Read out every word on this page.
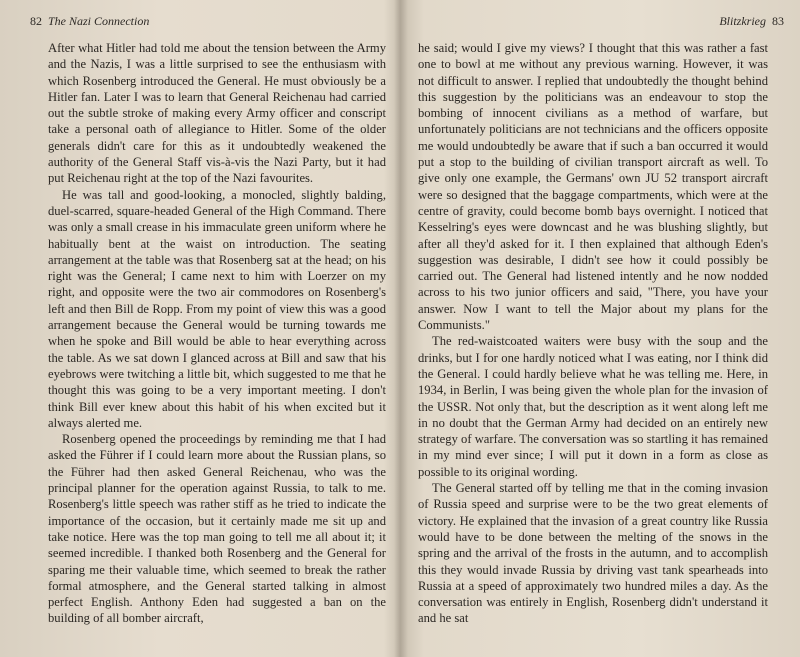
82 The Nazi Connection

After what Hitler had told me about the tension between the Army and the Nazis, I was a little surprised to see the enthusiasm with which Rosenberg introduced the General. He must obviously be a Hitler fan. Later I was to learn that General Reichenau had carried out the subtle stroke of making every Army officer and conscript take a personal oath of allegiance to Hitler. Some of the older generals didn't care for this as it undoubtedly weakened the authority of the General Staff vis-à-vis the Nazi Party, but it had put Reichenau right at the top of the Nazi favourites.

He was tall and good-looking, a monocled, slightly balding, duel-scarred, square-headed General of the High Command. There was only a small crease in his immaculate green uniform where he habitually bent at the waist on introduction. The seating arrangement at the table was that Rosenberg sat at the head; on his right was the General; I came next to him with Loerzer on my right, and opposite were the two air commodores on Rosenberg's left and then Bill de Ropp. From my point of view this was a good arrangement because the General would be turning towards me when he spoke and Bill would be able to hear everything across the table. As we sat down I glanced across at Bill and saw that his eyebrows were twitching a little bit, which suggested to me that he thought this was going to be a very important meeting. I don't think Bill ever knew about this habit of his when excited but it always alerted me.

Rosenberg opened the proceedings by reminding me that I had asked the Führer if I could learn more about the Russian plans, so the Führer had then asked General Reichenau, who was the principal planner for the operation against Russia, to talk to me. Rosenberg's little speech was rather stiff as he tried to indicate the importance of the occasion, but it certainly made me sit up and take notice. Here was the top man going to tell me all about it; it seemed incredible. I thanked both Rosenberg and the General for sparing me their valuable time, which seemed to break the rather formal atmosphere, and the General started talking in almost perfect English. Anthony Eden had suggested a ban on the building of all bomber aircraft,

Blitzkrieg 83

he said; would I give my views? I thought that this was rather a fast one to bowl at me without any previous warning. However, it was not difficult to answer. I replied that undoubtedly the thought behind this suggestion by the politicians was an endeavour to stop the bombing of innocent civilians as a method of warfare, but unfortunately politicians are not technicians and the officers opposite me would undoubtedly be aware that if such a ban occurred it would put a stop to the building of civilian transport aircraft as well. To give only one example, the Germans' own JU 52 transport aircraft were so designed that the baggage compartments, which were at the centre of gravity, could become bomb bays overnight. I noticed that Kesselring's eyes were downcast and he was blushing slightly, but after all they'd asked for it. I then explained that although Eden's suggestion was desirable, I didn't see how it could possibly be carried out. The General had listened intently and he now nodded across to his two junior officers and said, "There, you have your answer. Now I want to tell the Major about my plans for the Communists."

The red-waistcoated waiters were busy with the soup and the drinks, but I for one hardly noticed what I was eating, nor I think did the General. I could hardly believe what he was telling me. Here, in 1934, in Berlin, I was being given the whole plan for the invasion of the USSR. Not only that, but the description as it went along left me in no doubt that the German Army had decided on an entirely new strategy of warfare. The conversation was so startling it has remained in my mind ever since; I will put it down in a form as close as possible to its original wording.

The General started off by telling me that in the coming invasion of Russia speed and surprise were to be the two great elements of victory. He explained that the invasion of a great country like Russia would have to be done between the melting of the snows in the spring and the arrival of the frosts in the autumn, and to accomplish this they would invade Russia by driving vast tank spearheads into Russia at a speed of approximately two hundred miles a day. As the conversation was entirely in English, Rosenberg didn't understand it and he sat
